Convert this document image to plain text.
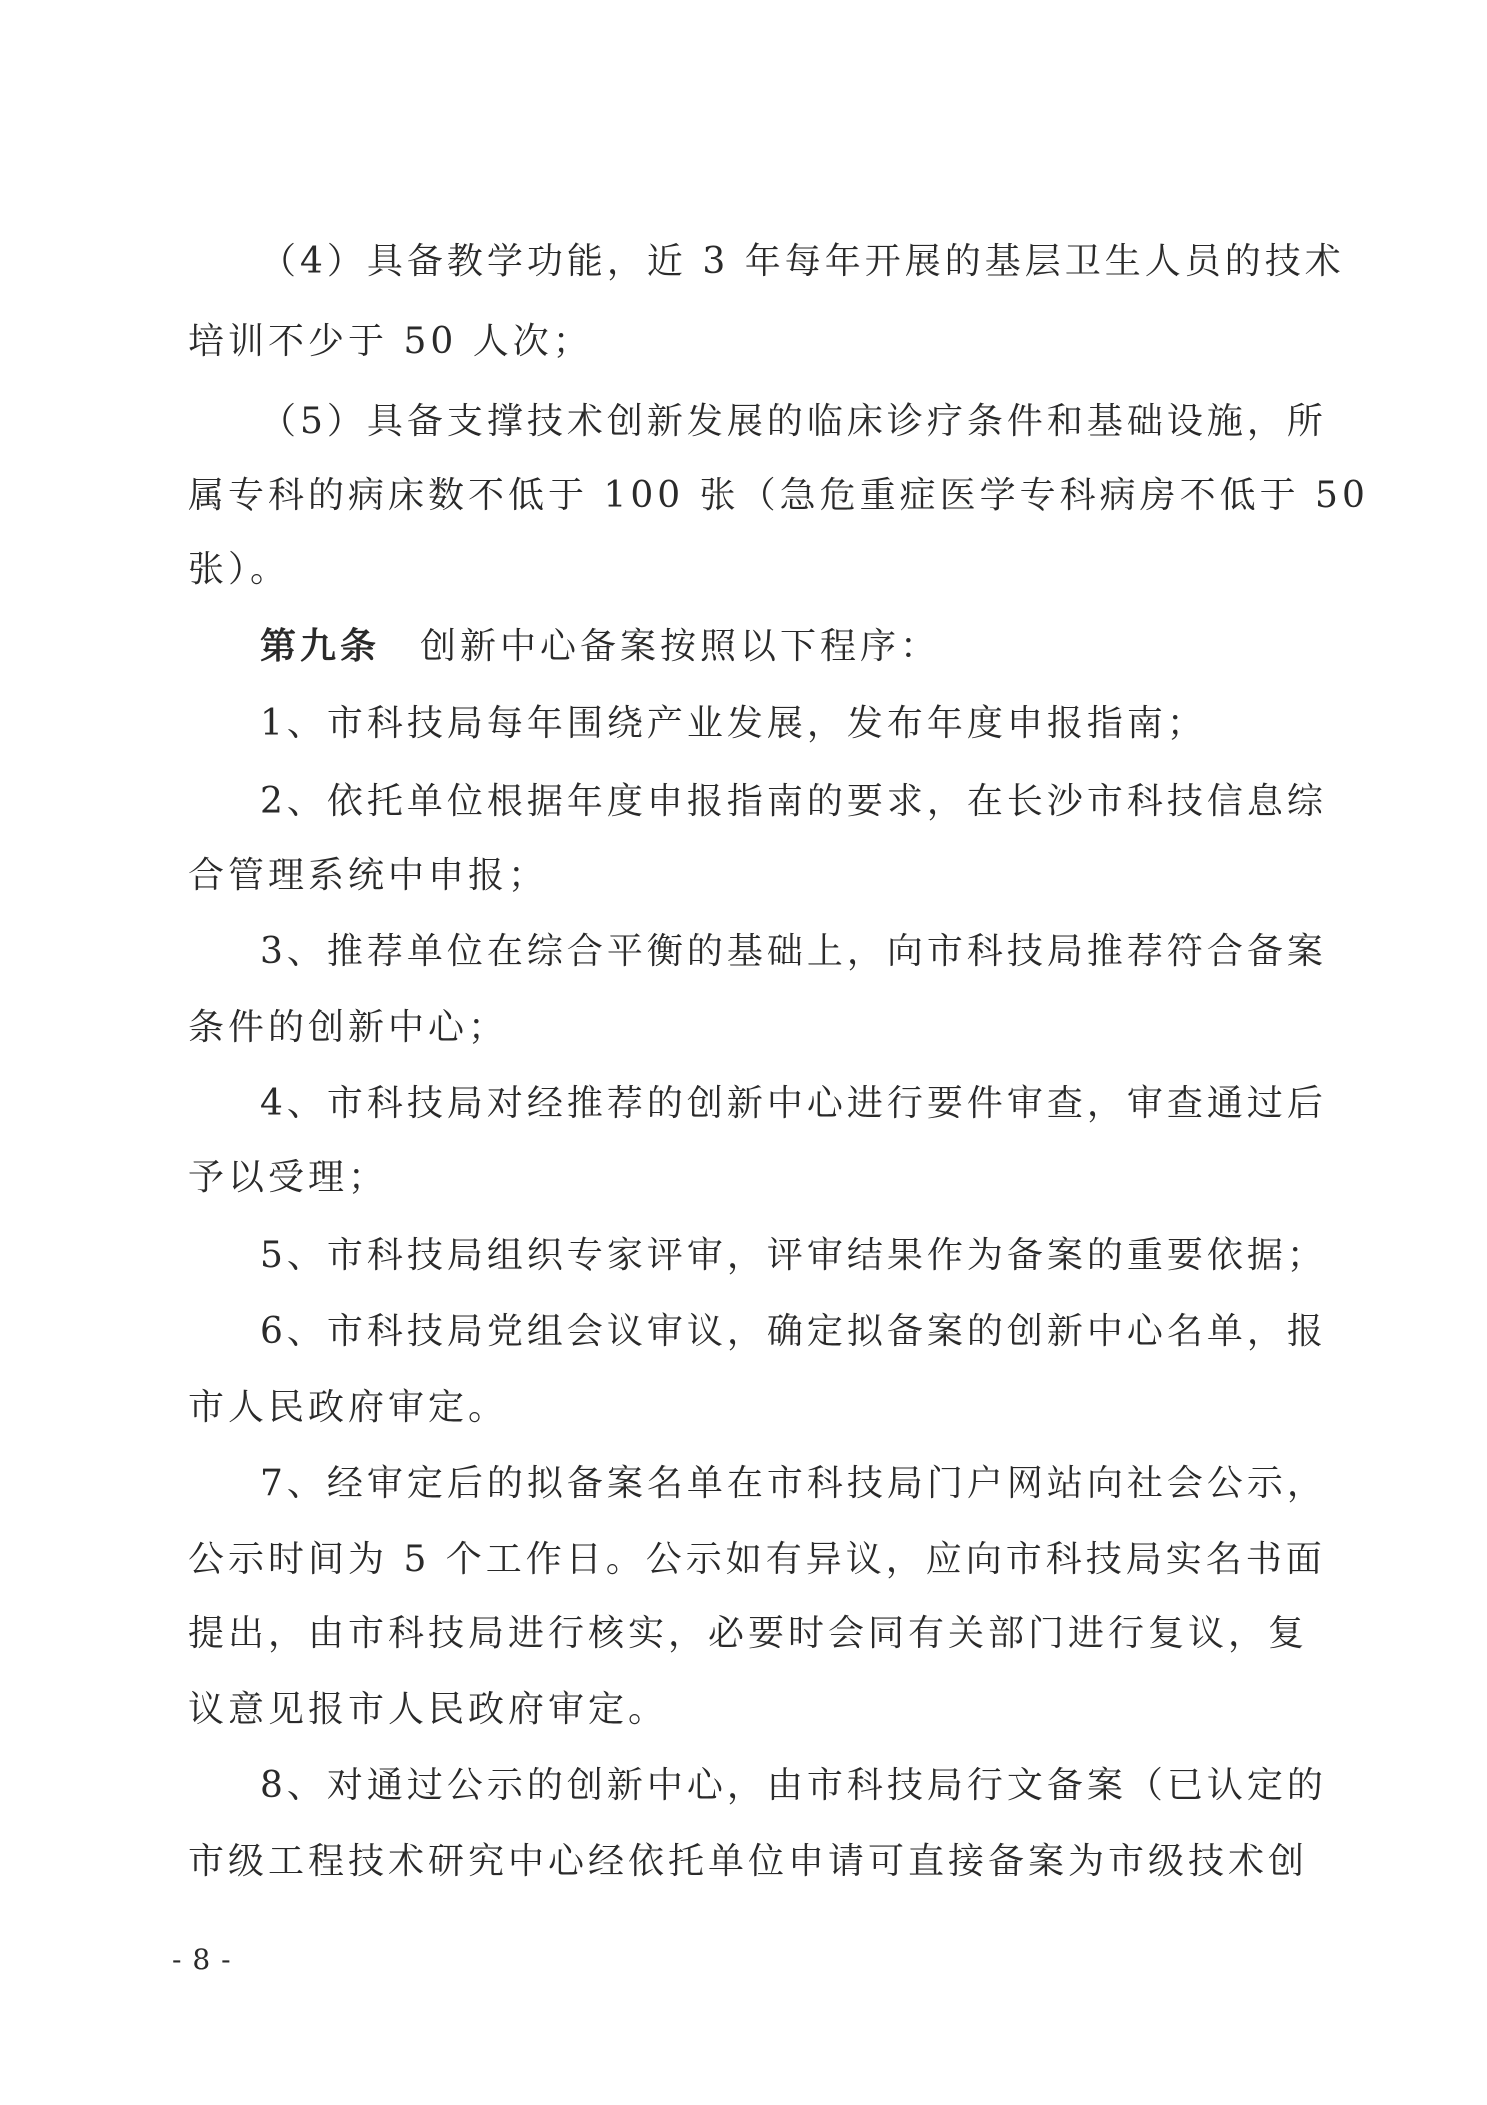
（4）具备教学功能，近 3 年每年开展的基层卫生人员的技术
培训不少于 50 人次；
（5）具备支撑技术创新发展的临床诊疗条件和基础设施，所
属专科的病床数不低于 100 张（急危重症医学专科病房不低于 50
张）。
第九条 创新中心备案按照以下程序：
1、市科技局每年围绕产业发展，发布年度申报指南；
2、依托单位根据年度申报指南的要求，在长沙市科技信息综
合管理系统中申报；
3、推荐单位在综合平衡的基础上，向市科技局推荐符合备案
条件的创新中心；
4、市科技局对经推荐的创新中心进行要件审查，审查通过后
予以受理；
5、市科技局组织专家评审，评审结果作为备案的重要依据；
6、市科技局党组会议审议，确定拟备案的创新中心名单，报
市人民政府审定。
7、经审定后的拟备案名单在市科技局门户网站向社会公示，
公示时间为 5 个工作日。公示如有异议，应向市科技局实名书面
提出，由市科技局进行核实，必要时会同有关部门进行复议，复
议意见报市人民政府审定。
8、对通过公示的创新中心，由市科技局行文备案（已认定的
市级工程技术研究中心经依托单位申请可直接备案为市级技术创
- 8 -
